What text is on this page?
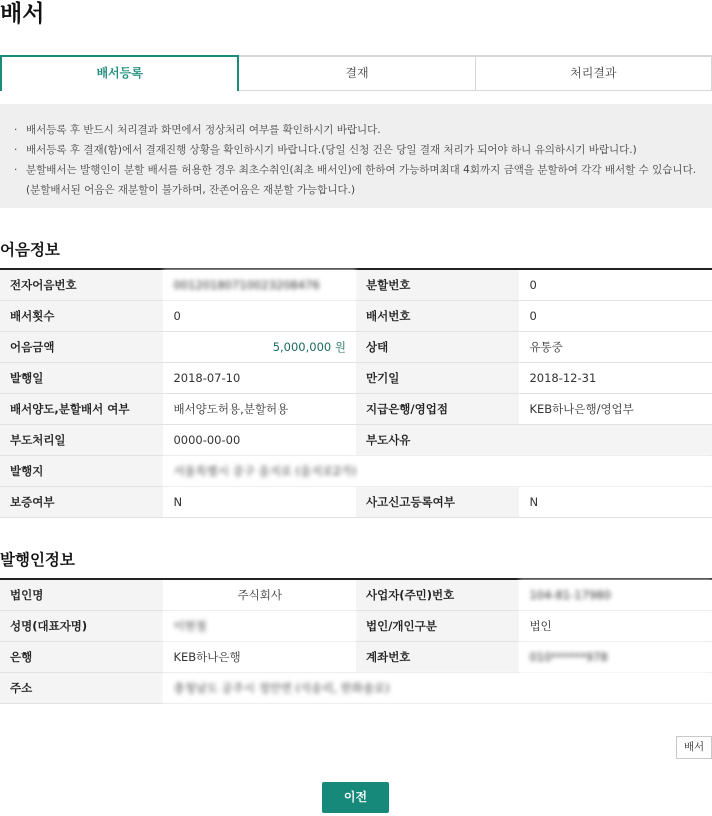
배서
배서등록	결재	처리결과
· 배서등록 후 반드시 처리결과 화면에서 정상처리 여부를 확인하시기 바랍니다.
· 배서등록 후 결재(함)에서 결재진행 상황을 확인하시기 바랍니다.(당일 신청 건은 당일 결재 처리가 되어야 하니 유의하시기 바랍니다.)
· 분할배서는 발행인이 분할 배서를 허용한 경우 최초수취인(최초 배서인)에 한하여 가능하며최대 4회까지 금액을 분할하여 각각 배서할 수 있습니다.
(분할배서된 어음은 재분할이 불가하며, 잔존어음은 재분할 가능합니다.)
어음정보
전자어음번호	00120180710023208476	분할번호	0
배서횟수	0	배서번호	0
어음금액	5,000,000 원	상태	유통중
발행일	2018-07-10	만기일	2018-12-31
배서양도,분할배서 여부	배서양도허용,분할허용	지급은행/영업점	KEB하나은행/영업부
부도처리일	0000-00-00	부도사유	
발행지	서울특별시 중구 을지로 (을지로2가)		
보증여부	N	사고신고등록여부	N
발행인정보
법인명	주식회사	사업자(주민)번호	104-81-17980
성명(대표자명)	이현철	법인/개인구분	법인
은행	KEB하나은행	계좌번호	010******978
주소	충청남도 공주시 정안면 (석송리, 한화솔로)		
배서
이전
